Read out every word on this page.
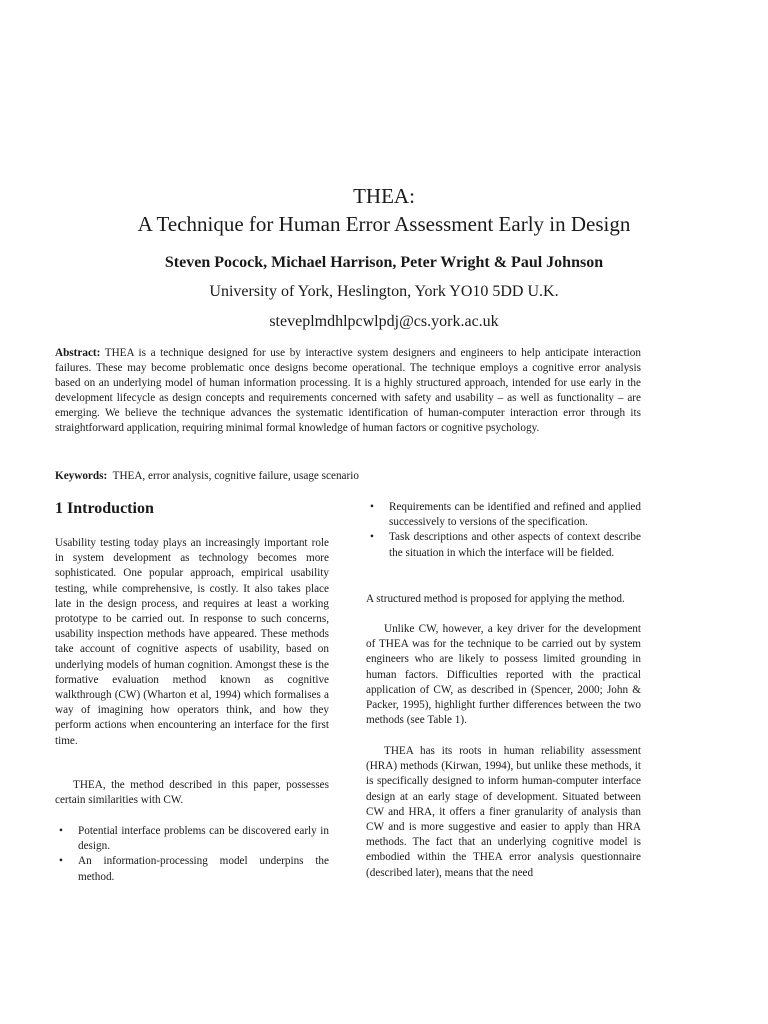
THEA:
A Technique for Human Error Assessment Early in Design
Steven Pocock, Michael Harrison, Peter Wright & Paul Johnson
University of York, Heslington, York YO10 5DD U.K.
steveplmdhlpcwlpdj@cs.york.ac.uk

Abstract: THEA is a technique designed for use by interactive system designers and engineers to help anticipate interaction failures. These may become problematic once designs become operational. The technique employs a cognitive error analysis based on an underlying model of human information processing. It is a highly structured approach, intended for use early in the development lifecycle as design concepts and requirements concerned with safety and usability – as well as functionality – are emerging. We believe the technique advances the systematic identification of human-computer interaction error through its straightforward application, requiring minimal formal knowledge of human factors or cognitive psychology.

Keywords: THEA, error analysis, cognitive failure, usage scenario

1 Introduction

Usability testing today plays an increasingly important role in system development as technology becomes more sophisticated. One popular approach, empirical usability testing, while comprehensive, is costly. It also takes place late in the design process, and requires at least a working prototype to be carried out. In response to such concerns, usability inspection methods have appeared. These methods take account of cognitive aspects of usability, based on underlying models of human cognition. Amongst these is the formative evaluation method known as cognitive walkthrough (CW) (Wharton et al, 1994) which formalises a way of imagining how operators think, and how they perform actions when encountering an interface for the first time.

THEA, the method described in this paper, possesses certain similarities with CW.

• Potential interface problems can be discovered early in design.
• An information-processing model underpins the method.
• Requirements can be identified and refined and applied successively to versions of the specification.
• Task descriptions and other aspects of context describe the situation in which the interface will be fielded.

A structured method is proposed for applying the method.

Unlike CW, however, a key driver for the development of THEA was for the technique to be carried out by system engineers who are likely to possess limited grounding in human factors. Difficulties reported with the practical application of CW, as described in (Spencer, 2000; John & Packer, 1995), highlight further differences between the two methods (see Table 1).

THEA has its roots in human reliability assessment (HRA) methods (Kirwan, 1994), but unlike these methods, it is specifically designed to inform human-computer interface design at an early stage of development. Situated between CW and HRA, it offers a finer granularity of analysis than CW and is more suggestive and easier to apply than HRA methods. The fact that an underlying cognitive model is embodied within the THEA error analysis questionnaire (described later), means that the need
